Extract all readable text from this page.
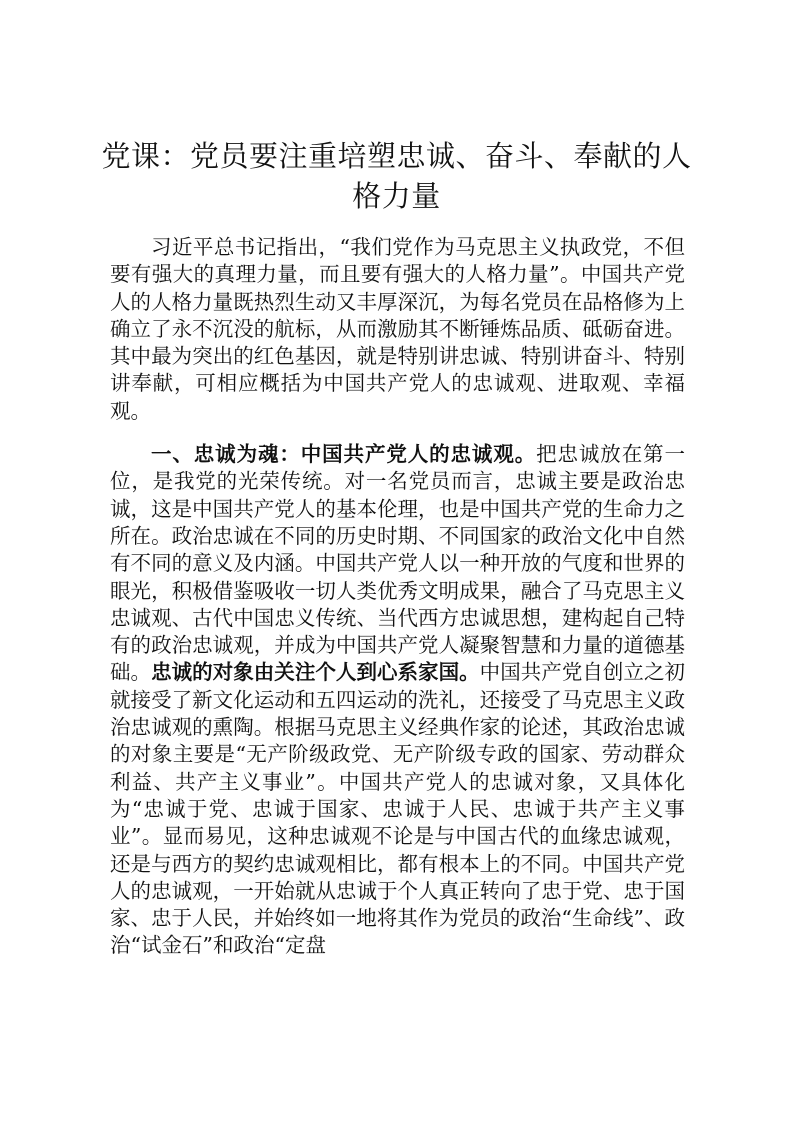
党课：党员要注重培塑忠诚、奋斗、奉献的人格力量

习近平总书记指出，“我们党作为马克思主义执政党，不但要有强大的真理力量，而且要有强大的人格力量”。中国共产党人的人格力量既热烈生动又丰厚深沉，为每名党员在品格修为上确立了永不沉没的航标，从而激励其不断锤炼品质、砥砺奋进。其中最为突出的红色基因，就是特别讲忠诚、特别讲奋斗、特别讲奉献，可相应概括为中国共产党人的忠诚观、进取观、幸福观。

一、忠诚为魂：中国共产党人的忠诚观。把忠诚放在第一位，是我党的光荣传统。对一名党员而言，忠诚主要是政治忠诚，这是中国共产党人的基本伦理，也是中国共产党的生命力之所在。政治忠诚在不同的历史时期、不同国家的政治文化中自然有不同的意义及内涵。中国共产党人以一种开放的气度和世界的眼光，积极借鉴吸收一切人类优秀文明成果，融合了马克思主义忠诚观、古代中国忠义传统、当代西方忠诚思想，建构起自己特有的政治忠诚观，并成为中国共产党人凝聚智慧和力量的道德基础。忠诚的对象由关注个人到心系家国。中国共产党自创立之初就接受了新文化运动和五四运动的洗礼，还接受了马克思主义政治忠诚观的熏陶。根据马克思主义经典作家的论述，其政治忠诚的对象主要是“无产阶级政党、无产阶级专政的国家、劳动群众利益、共产主义事业”。中国共产党人的忠诚对象，又具体化为“忠诚于党、忠诚于国家、忠诚于人民、忠诚于共产主义事业”。显而易见，这种忠诚观不论是与中国古代的血缘忠诚观，还是与西方的契约忠诚观相比，都有根本上的不同。中国共产党人的忠诚观，一开始就从忠诚于个人真正转向了忠于党、忠于国家、忠于人民，并始终如一地将其作为党员的政治“生命线”、政治“试金石”和政治“定盘
